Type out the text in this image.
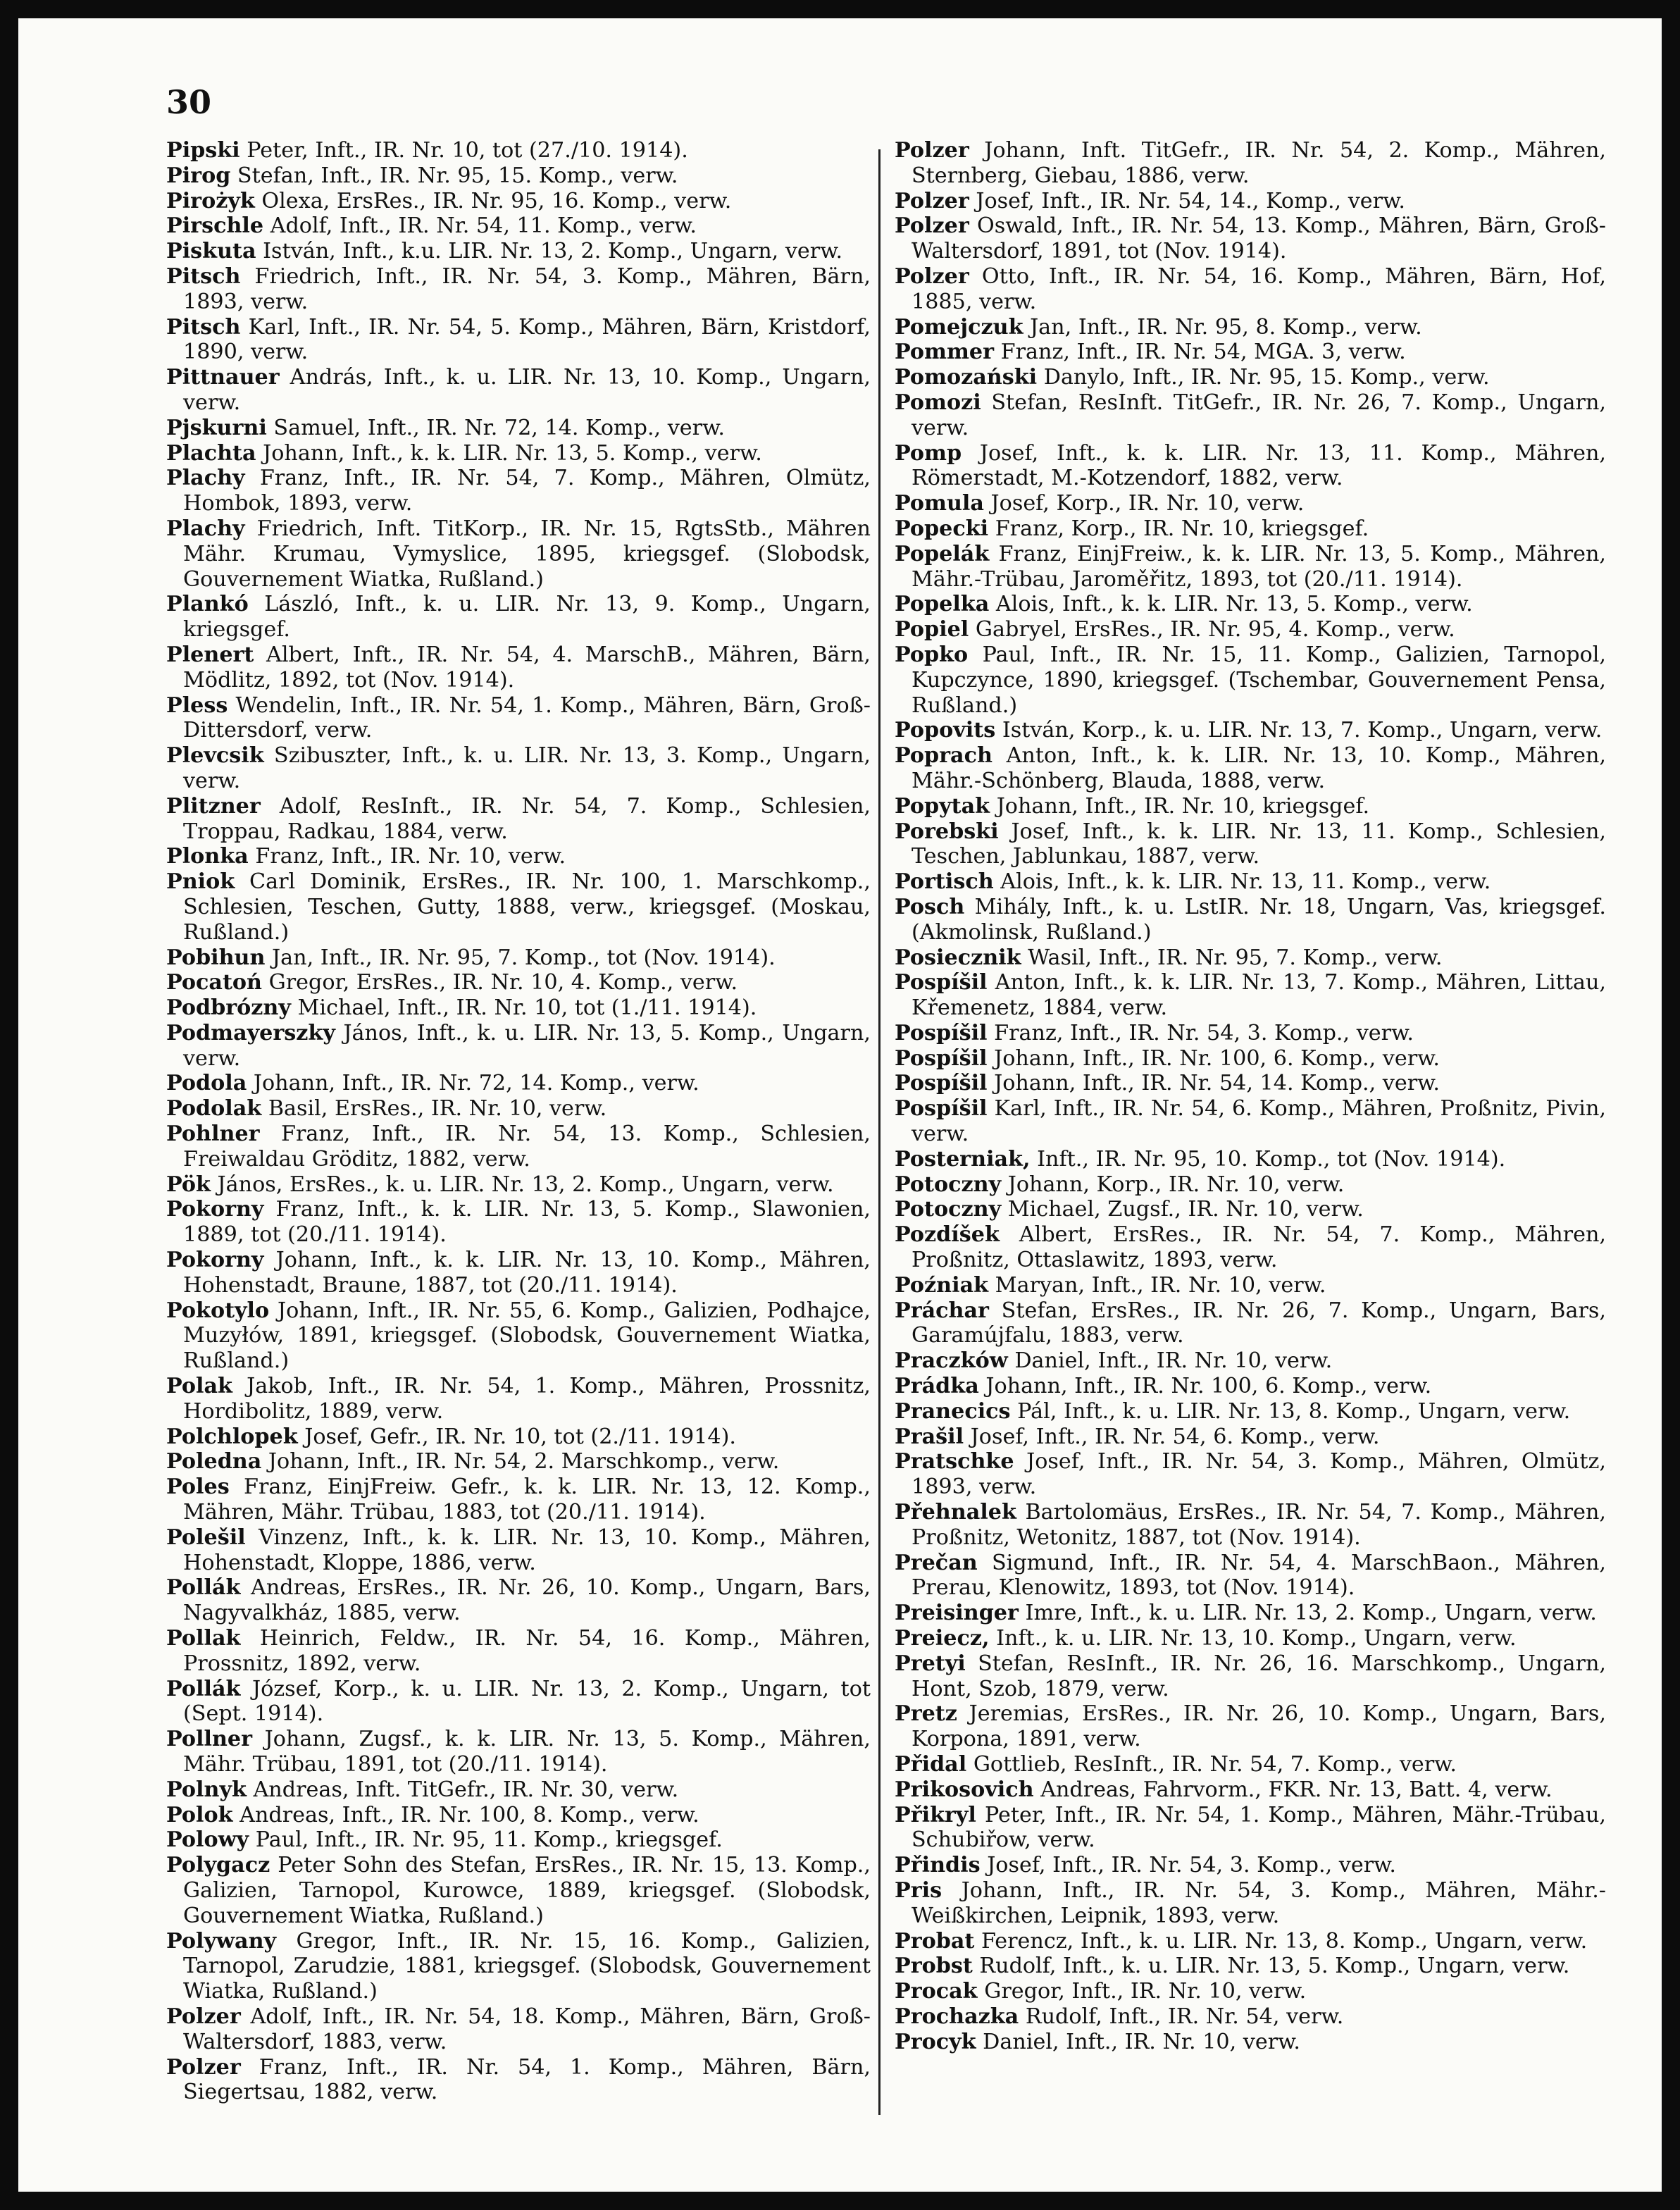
30
Pipski Peter, Inft., IR. Nr. 10, tot (27./10. 1914).
Pirog Stefan, Inft., IR. Nr. 95, 15. Komp., verw.
Pirożyk Olexa, ErsRes., IR. Nr. 95, 16. Komp., verw.
Pirschle Adolf, Inft., IR. Nr. 54, 11. Komp., verw.
Piskuta István, Inft., k.u. LIR. Nr. 13, 2. Komp., Ungarn, verw.
Pitsch Friedrich, Inft., IR. Nr. 54, 3. Komp., Mähren, Bärn, 1893, verw.
Pitsch Karl, Inft., IR. Nr. 54, 5. Komp., Mähren, Bärn, Kristdorf, 1890, verw.
Pittnauer András, Inft., k. u. LIR. Nr. 13, 10. Komp., Ungarn, verw.
Pjskurni Samuel, Inft., IR. Nr. 72, 14. Komp., verw.
Plachta Johann, Inft., k. k. LIR. Nr. 13, 5. Komp., verw.
Plachy Franz, Inft., IR. Nr. 54, 7. Komp., Mähren, Olmütz, Hombok, 1893, verw.
Plachy Friedrich, Inft. TitKorp., IR. Nr. 15, RgtsStb., Mähren Mähr. Krumau, Vymyslice, 1895, kriegsgef. (Slobodsk, Gouvernement Wiatka, Rußland.)
Plankó László, Inft., k. u. LIR. Nr. 13, 9. Komp., Ungarn, kriegsgef.
Plenert Albert, Inft., IR. Nr. 54, 4. MarschB., Mähren, Bärn, Mödlitz, 1892, tot (Nov. 1914).
Pless Wendelin, Inft., IR. Nr. 54, 1. Komp., Mähren, Bärn, Groß-Dittersdorf, verw.
Plevcsik Szibuszter, Inft., k. u. LIR. Nr. 13, 3. Komp., Ungarn, verw.
Plitzner Adolf, ResInft., IR. Nr. 54, 7. Komp., Schlesien, Troppau, Radkau, 1884, verw.
Plonka Franz, Inft., IR. Nr. 10, verw.
Pniok Carl Dominik, ErsRes., IR. Nr. 100, 1. Marschkomp., Schlesien, Teschen, Gutty, 1888, verw., kriegsgef. (Moskau, Rußland.)
Pobihun Jan, Inft., IR. Nr. 95, 7. Komp., tot (Nov. 1914).
Pocatoń Gregor, ErsRes., IR. Nr. 10, 4. Komp., verw.
Podbrózny Michael, Inft., IR. Nr. 10, tot (1./11. 1914).
Podmayerszky János, Inft., k. u. LIR. Nr. 13, 5. Komp., Ungarn, verw.
Podola Johann, Inft., IR. Nr. 72, 14. Komp., verw.
Podolak Basil, ErsRes., IR. Nr. 10, verw.
Pohlner Franz, Inft., IR. Nr. 54, 13. Komp., Schlesien, Freiwaldau Gröditz, 1882, verw.
Pök János, ErsRes., k. u. LIR. Nr. 13, 2. Komp., Ungarn, verw.
Pokorny Franz, Inft., k. k. LIR. Nr. 13, 5. Komp., Slawonien, 1889, tot (20./11. 1914).
Pokorny Johann, Inft., k. k. LIR. Nr. 13, 10. Komp., Mähren, Hohenstadt, Braune, 1887, tot (20./11. 1914).
Pokotylo Johann, Inft., IR. Nr. 55, 6. Komp., Galizien, Podhajce, Muzyłów, 1891, kriegsgef. (Slobodsk, Gouvernement Wiatka, Rußland.)
Polak Jakob, Inft., IR. Nr. 54, 1. Komp., Mähren, Prossnitz, Hordibolitz, 1889, verw.
Polchlopek Josef, Gefr., IR. Nr. 10, tot (2./11. 1914).
Poledna Johann, Inft., IR. Nr. 54, 2. Marschkomp., verw.
Poles Franz, EinjFreiw. Gefr., k. k. LIR. Nr. 13, 12. Komp., Mähren, Mähr. Trübau, 1883, tot (20./11. 1914).
Polešil Vinzenz, Inft., k. k. LIR. Nr. 13, 10. Komp., Mähren, Hohenstadt, Kloppe, 1886, verw.
Pollák Andreas, ErsRes., IR. Nr. 26, 10. Komp., Ungarn, Bars, Nagyvalkház, 1885, verw.
Pollak Heinrich, Feldw., IR. Nr. 54, 16. Komp., Mähren, Prossnitz, 1892, verw.
Pollák József, Korp., k. u. LIR. Nr. 13, 2. Komp., Ungarn, tot (Sept. 1914).
Pollner Johann, Zugsf., k. k. LIR. Nr. 13, 5. Komp., Mähren, Mähr. Trübau, 1891, tot (20./11. 1914).
Polnyk Andreas, Inft. TitGefr., IR. Nr. 30, verw.
Polok Andreas, Inft., IR. Nr. 100, 8. Komp., verw.
Polowy Paul, Inft., IR. Nr. 95, 11. Komp., kriegsgef.
Polygacz Peter Sohn des Stefan, ErsRes., IR. Nr. 15, 13. Komp., Galizien, Tarnopol, Kurowce, 1889, kriegsgef. (Slobodsk, Gouvernement Wiatka, Rußland.)
Polywany Gregor, Inft., IR. Nr. 15, 16. Komp., Galizien, Tarnopol, Zarudzie, 1881, kriegsgef. (Slobodsk, Gouvernement Wiatka, Rußland.)
Polzer Adolf, Inft., IR. Nr. 54, 18. Komp., Mähren, Bärn, Groß-Waltersdorf, 1883, verw.
Polzer Franz, Inft., IR. Nr. 54, 1. Komp., Mähren, Bärn, Siegertsau, 1882, verw.
Polzer Johann, Inft. TitGefr., IR. Nr. 54, 2. Komp., Mähren, Sternberg, Giebau, 1886, verw.
Polzer Josef, Inft., IR. Nr. 54, 14., Komp., verw.
Polzer Oswald, Inft., IR. Nr. 54, 13. Komp., Mähren, Bärn, Groß-Waltersdorf, 1891, tot (Nov. 1914).
Polzer Otto, Inft., IR. Nr. 54, 16. Komp., Mähren, Bärn, Hof, 1885, verw.
Pomejczuk Jan, Inft., IR. Nr. 95, 8. Komp., verw.
Pommer Franz, Inft., IR. Nr. 54, MGA. 3, verw.
Pomozański Danylo, Inft., IR. Nr. 95, 15. Komp., verw.
Pomozi Stefan, ResInft. TitGefr., IR. Nr. 26, 7. Komp., Ungarn, verw.
Pomp Josef, Inft., k. k. LIR. Nr. 13, 11. Komp., Mähren, Römerstadt, M.-Kotzendorf, 1882, verw.
Pomula Josef, Korp., IR. Nr. 10, verw.
Popecki Franz, Korp., IR. Nr. 10, kriegsgef.
Popelák Franz, EinjFreiw., k. k. LIR. Nr. 13, 5. Komp., Mähren, Mähr.-Trübau, Jaroměřitz, 1893, tot (20./11. 1914).
Popelka Alois, Inft., k. k. LIR. Nr. 13, 5. Komp., verw.
Popiel Gabryel, ErsRes., IR. Nr. 95, 4. Komp., verw.
Popko Paul, Inft., IR. Nr. 15, 11. Komp., Galizien, Tarnopol, Kupczynce, 1890, kriegsgef. (Tschembar, Gouvernement Pensa, Rußland.)
Popovits István, Korp., k. u. LIR. Nr. 13, 7. Komp., Ungarn, verw.
Poprach Anton, Inft., k. k. LIR. Nr. 13, 10. Komp., Mähren, Mähr.-Schönberg, Blauda, 1888, verw.
Popytak Johann, Inft., IR. Nr. 10, kriegsgef.
Porebski Josef, Inft., k. k. LIR. Nr. 13, 11. Komp., Schlesien, Teschen, Jablunkau, 1887, verw.
Portisch Alois, Inft., k. k. LIR. Nr. 13, 11. Komp., verw.
Posch Mihály, Inft., k. u. LstIR. Nr. 18, Ungarn, Vas, kriegsgef. (Akmolinsk, Rußland.)
Posiecznik Wasil, Inft., IR. Nr. 95, 7. Komp., verw.
Pospíšil Anton, Inft., k. k. LIR. Nr. 13, 7. Komp., Mähren, Littau, Křemenetz, 1884, verw.
Pospíšil Franz, Inft., IR. Nr. 54, 3. Komp., verw.
Pospíšil Johann, Inft., IR. Nr. 100, 6. Komp., verw.
Pospíšil Johann, Inft., IR. Nr. 54, 14. Komp., verw.
Pospíšil Karl, Inft., IR. Nr. 54, 6. Komp., Mähren, Proßnitz, Pivin, verw.
Posterniak, Inft., IR. Nr. 95, 10. Komp., tot (Nov. 1914).
Potoczny Johann, Korp., IR. Nr. 10, verw.
Potoczny Michael, Zugsf., IR. Nr. 10, verw.
Pozdíšek Albert, ErsRes., IR. Nr. 54, 7. Komp., Mähren, Proßnitz, Ottaslawitz, 1893, verw.
Poźniak Maryan, Inft., IR. Nr. 10, verw.
Práchar Stefan, ErsRes., IR. Nr. 26, 7. Komp., Ungarn, Bars, Garamújfalu, 1883, verw.
Praczków Daniel, Inft., IR. Nr. 10, verw.
Prádka Johann, Inft., IR. Nr. 100, 6. Komp., verw.
Pranecics Pál, Inft., k. u. LIR. Nr. 13, 8. Komp., Ungarn, verw.
Prašil Josef, Inft., IR. Nr. 54, 6. Komp., verw.
Pratschke Josef, Inft., IR. Nr. 54, 3. Komp., Mähren, Olmütz, 1893, verw.
Přehnalek Bartolomäus, ErsRes., IR. Nr. 54, 7. Komp., Mähren, Proßnitz, Wetonitz, 1887, tot (Nov. 1914).
Prečan Sigmund, Inft., IR. Nr. 54, 4. MarschBaon., Mähren, Prerau, Klenowitz, 1893, tot (Nov. 1914).
Preisinger Imre, Inft., k. u. LIR. Nr. 13, 2. Komp., Ungarn, verw.
Preiecz, Inft., k. u. LIR. Nr. 13, 10. Komp., Ungarn, verw.
Pretyi Stefan, ResInft., IR. Nr. 26, 16. Marschkomp., Ungarn, Hont, Szob, 1879, verw.
Pretz Jeremias, ErsRes., IR. Nr. 26, 10. Komp., Ungarn, Bars, Korpona, 1891, verw.
Přidal Gottlieb, ResInft., IR. Nr. 54, 7. Komp., verw.
Prikosovich Andreas, Fahrvorm., FKR. Nr. 13, Batt. 4, verw.
Přikryl Peter, Inft., IR. Nr. 54, 1. Komp., Mähren, Mähr.-Trübau, Schubiřow, verw.
Přindis Josef, Inft., IR. Nr. 54, 3. Komp., verw.
Pris Johann, Inft., IR. Nr. 54, 3. Komp., Mähren, Mähr.-Weißkirchen, Leipnik, 1893, verw.
Probat Ferencz, Inft., k. u. LIR. Nr. 13, 8. Komp., Ungarn, verw.
Probst Rudolf, Inft., k. u. LIR. Nr. 13, 5. Komp., Ungarn, verw.
Procak Gregor, Inft., IR. Nr. 10, verw.
Prochazka Rudolf, Inft., IR. Nr. 54, verw.
Procyk Daniel, Inft., IR. Nr. 10, verw.
